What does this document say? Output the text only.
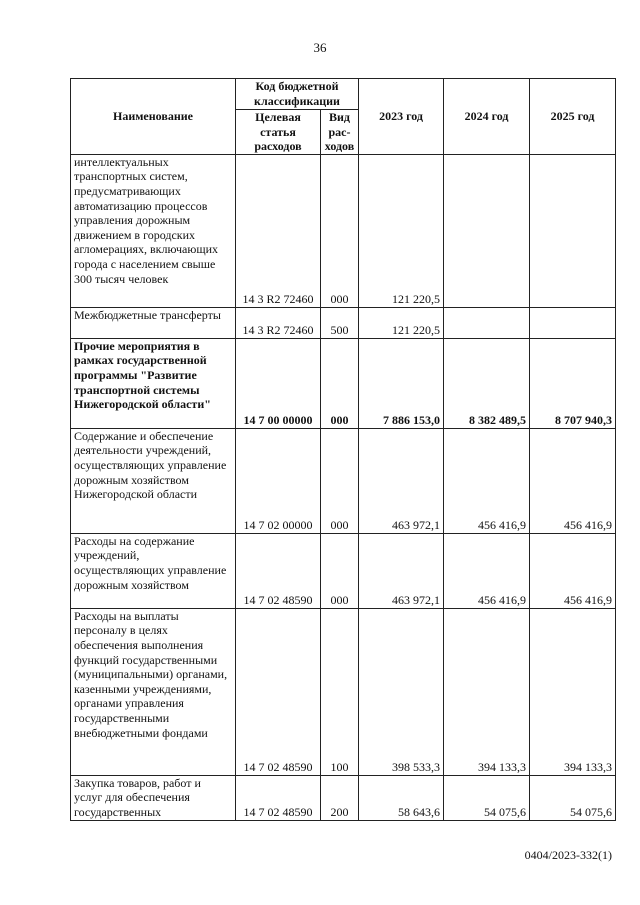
36
Наименование	Код бюджетной классификации		2023 год	2024 год	2025 год
	Целевая статья расходов	Вид рас-ходов			
интеллектуальных транспортных систем, предусматривающих автоматизацию процессов управления дорожным движением в городских агломерациях, включающих города с населением свыше 300 тысяч человек	14 3 R2 72460	000	121 220,5		
Межбюджетные трансферты	14 3 R2 72460	500	121 220,5		
Прочие мероприятия в рамках государственной программы "Развитие транспортной системы Нижегородской области"	14 7 00 00000	000	7 886 153,0	8 382 489,5	8 707 940,3
Содержание и обеспечение деятельности учреждений, осуществляющих управление дорожным хозяйством Нижегородской области	14 7 02 00000	000	463 972,1	456 416,9	456 416,9
Расходы на содержание учреждений, осуществляющих управление дорожным хозяйством	14 7 02 48590	000	463 972,1	456 416,9	456 416,9
Расходы на выплаты персоналу в целях обеспечения выполнения функций государственными (муниципальными) органами, казенными учреждениями, органами управления государственными внебюджетными фондами	14 7 02 48590	100	398 533,3	394 133,3	394 133,3
Закупка товаров, работ и услуг для обеспечения государственных	14 7 02 48590	200	58 643,6	54 075,6	54 075,6
0404/2023-332(1)
